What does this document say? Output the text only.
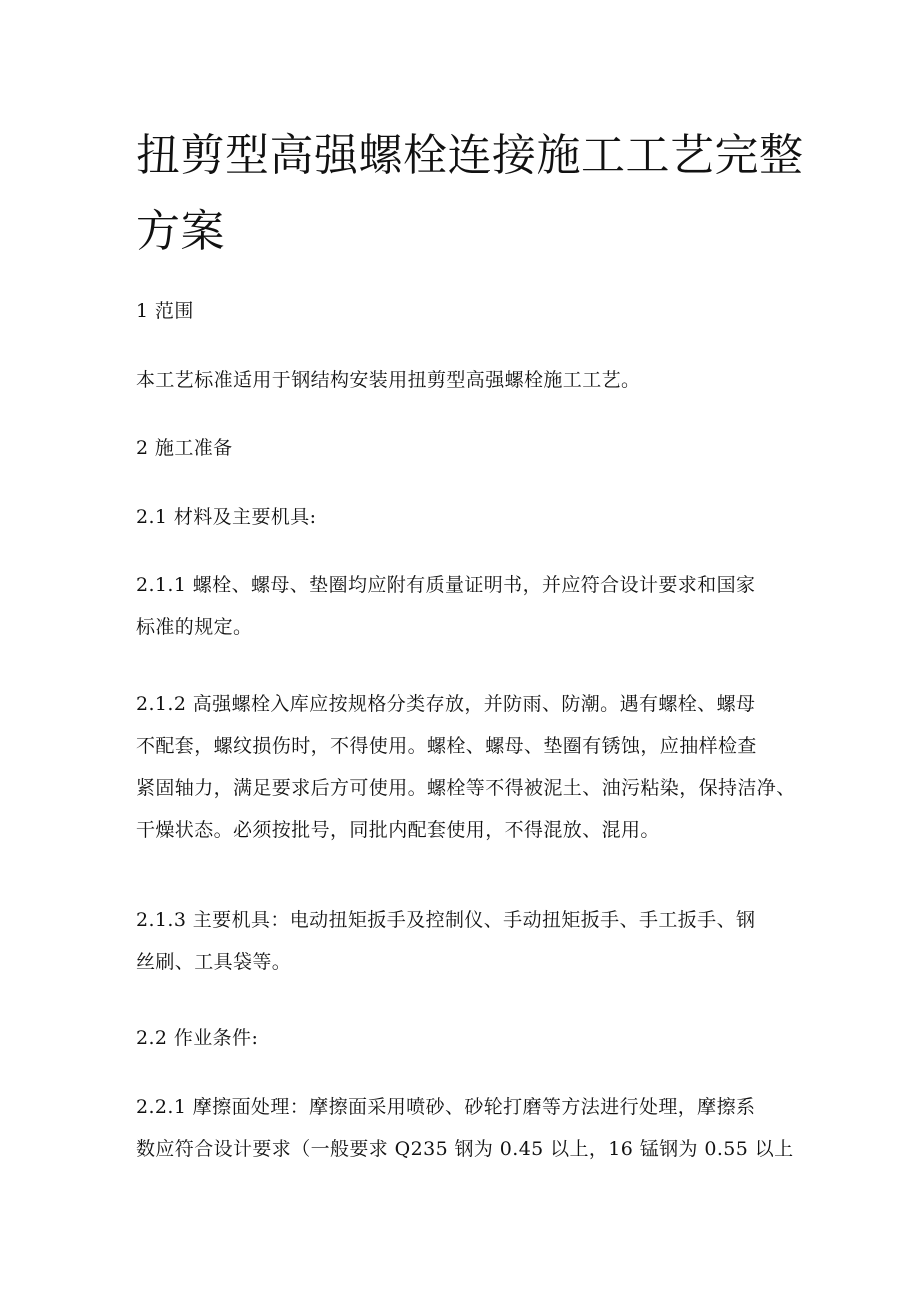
扭剪型高强螺栓连接施工工艺完整
方案

1 范围

本工艺标准适用于钢结构安装用扭剪型高强螺栓施工工艺。

2 施工准备

2.1 材料及主要机具:

2.1.1 螺栓、螺母、垫圈均应附有质量证明书，并应符合设计要求和国家
标准的规定。

2.1.2 高强螺栓入库应按规格分类存放，并防雨、防潮。遇有螺栓、螺母
不配套，螺纹损伤时，不得使用。螺栓、螺母、垫圈有锈蚀，应抽样检查
紧固轴力，满足要求后方可使用。螺栓等不得被泥土、油污粘染，保持洁净、
干燥状态。必须按批号，同批内配套使用，不得混放、混用。

2.1.3 主要机具：电动扭矩扳手及控制仪、手动扭矩扳手、手工扳手、钢
丝刷、工具袋等。

2.2 作业条件:

2.2.1 摩擦面处理：摩擦面采用喷砂、砂轮打磨等方法进行处理，摩擦系
数应符合设计要求（一般要求 Q235 钢为 0.45 以上，16 锰钢为 0.55 以上
